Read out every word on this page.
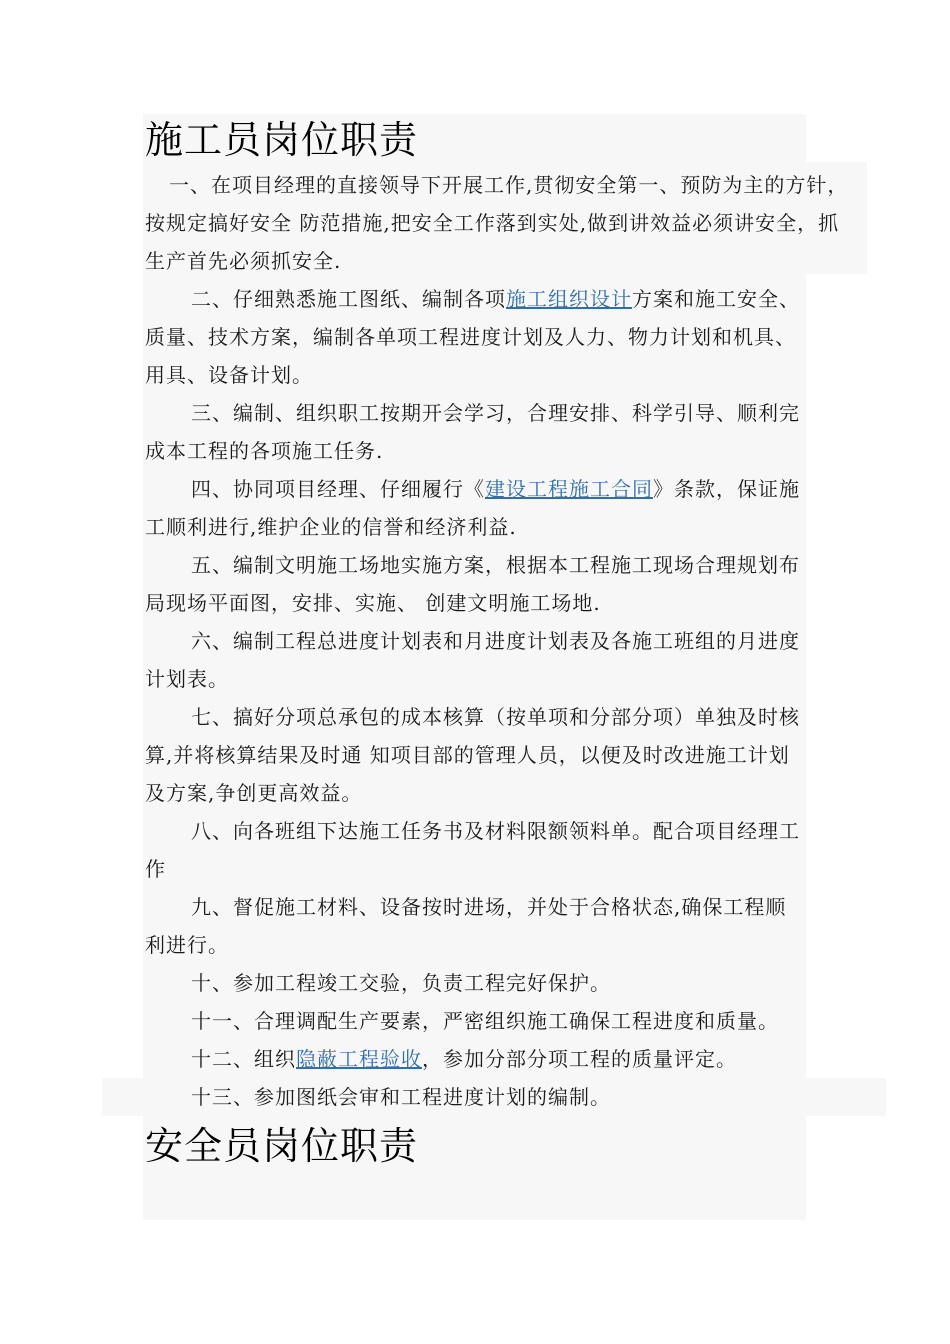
施工员岗位职责

一、在项目经理的直接领导下开展工作,贯彻安全第一、预防为主的方针，按规定搞好安全 防范措施,把安全工作落到实处,做到讲效益必须讲安全，抓生产首先必须抓安全.

二、仔细熟悉施工图纸、编制各项施工组织设计方案和施工安全、质量、技术方案，编制各单项工程进度计划及人力、物力计划和机具、用具、设备计划。

三、编制、组织职工按期开会学习，合理安排、科学引导、顺利完成本工程的各项施工任务.

四、协同项目经理、仔细履行《建设工程施工合同》条款，保证施工顺利进行,维护企业的信誉和经济利益.

五、编制文明施工场地实施方案，根据本工程施工现场合理规划布局现场平面图，安排、实施、 创建文明施工场地.

六、编制工程总进度计划表和月进度计划表及各施工班组的月进度计划表。

七、搞好分项总承包的成本核算（按单项和分部分项）单独及时核算,并将核算结果及时通 知项目部的管理人员，以便及时改进施工计划及方案,争创更高效益。

八、向各班组下达施工任务书及材料限额领料单。配合项目经理工作

九、督促施工材料、设备按时进场，并处于合格状态,确保工程顺利进行。

十、参加工程竣工交验，负责工程完好保护。

十一、合理调配生产要素，严密组织施工确保工程进度和质量。

十二、组织隐蔽工程验收，参加分部分项工程的质量评定。

十三、参加图纸会审和工程进度计划的编制。

安全员岗位职责
